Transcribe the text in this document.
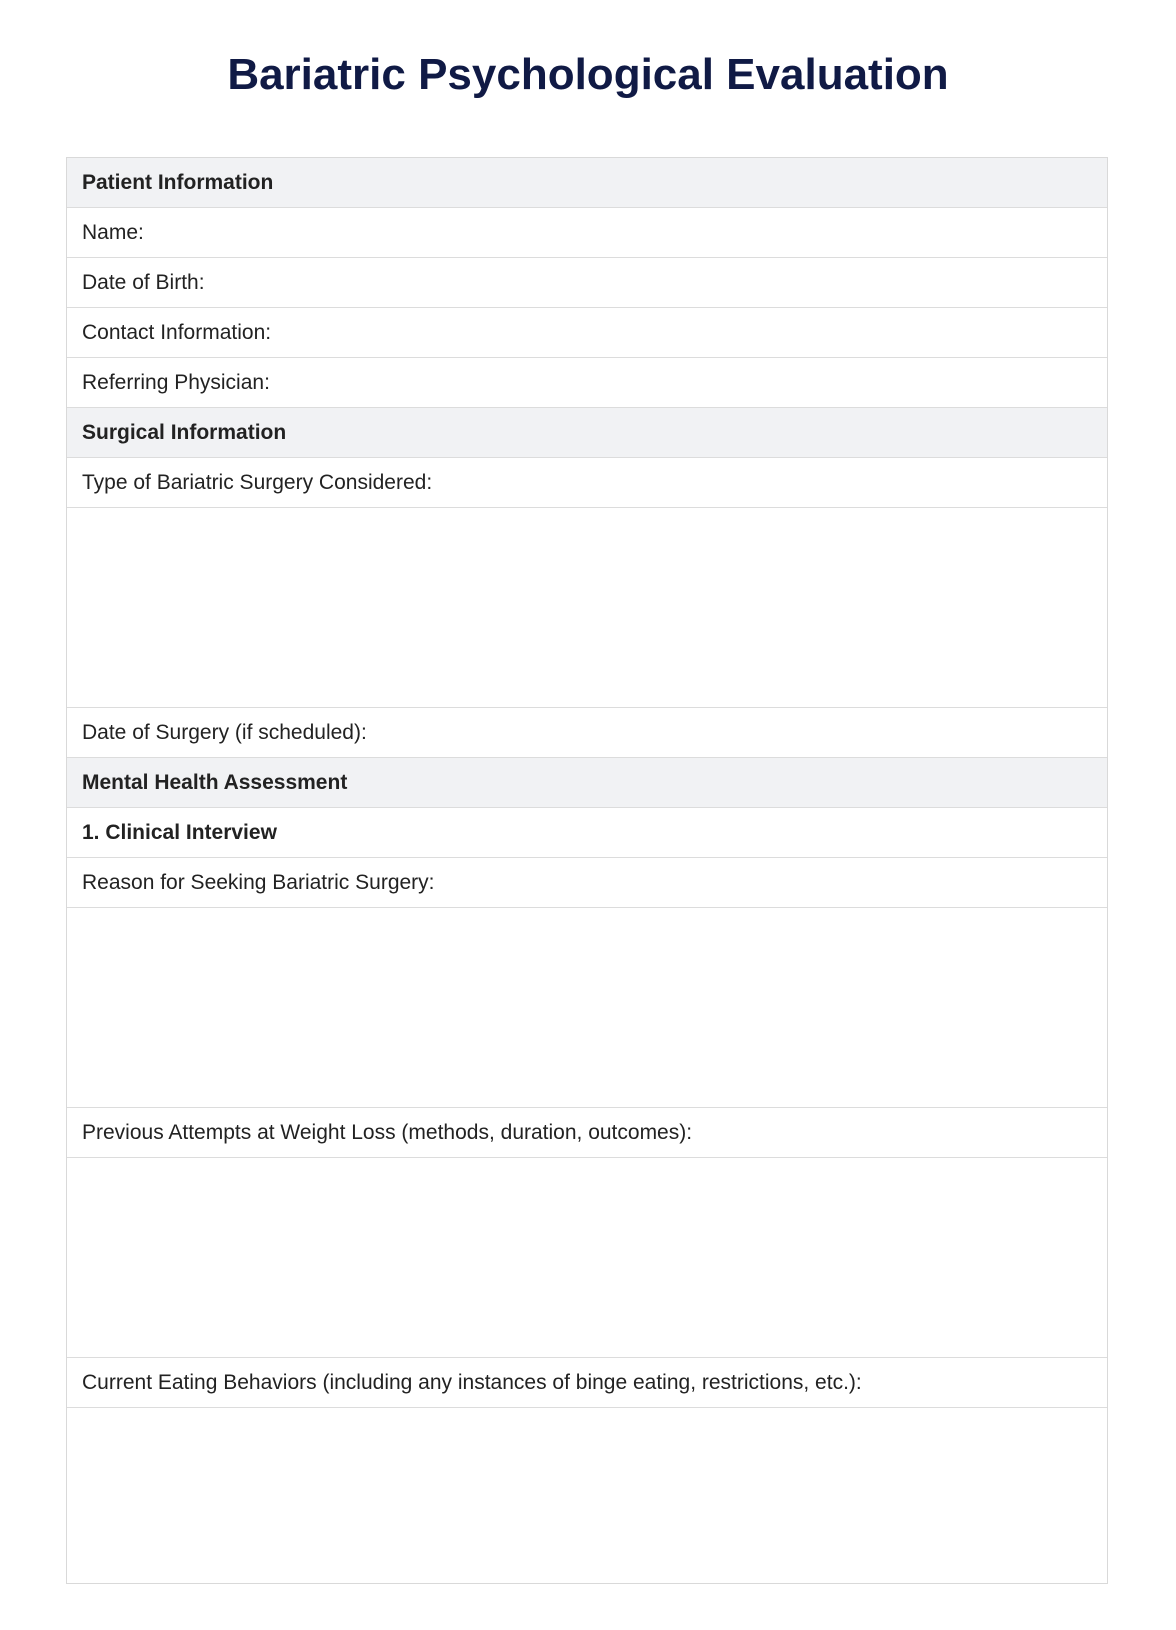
Bariatric Psychological Evaluation
Patient Information
Name:
Date of Birth:
Contact Information:
Referring Physician:
Surgical Information
Type of Bariatric Surgery Considered:
Date of Surgery (if scheduled):
Mental Health Assessment
1. Clinical Interview
Reason for Seeking Bariatric Surgery:
Previous Attempts at Weight Loss (methods, duration, outcomes):
Current Eating Behaviors (including any instances of binge eating, restrictions, etc.):
